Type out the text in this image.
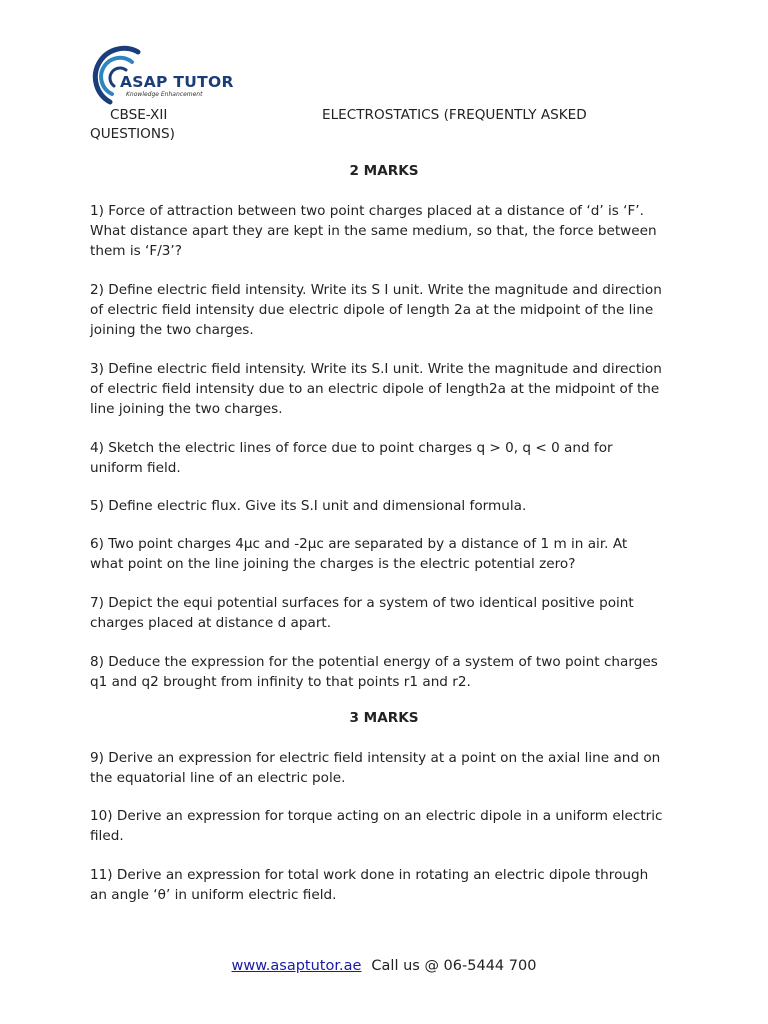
ASAP TUTOR
Knowledge Enhancement
CBSE-XII	ELECTROSTATICS (FREQUENTLY ASKED
QUESTIONS)
2 MARKS
1) Force of attraction between two point charges placed at a distance of ‘d’ is ‘F’.
What distance apart they are kept in the same medium, so that, the force between
them is ‘F/3’?
2) Define electric field intensity. Write its S I unit. Write the magnitude and direction
of electric field intensity due electric dipole of length 2a at the midpoint of the line
joining the two charges.
3) Define electric field intensity. Write its S.I unit. Write the magnitude and direction
of electric field intensity due to an electric dipole of length2a at the midpoint of the
line joining the two charges.
4) Sketch the electric lines of force due to point charges q > 0, q < 0 and for
uniform field.
5) Define electric flux. Give its S.I unit and dimensional formula.
6) Two point charges 4µc and -2µc are separated by a distance of 1 m in air. At
what point on the line joining the charges is the electric potential zero?
7) Depict the equi potential surfaces for a system of two identical positive point
charges placed at distance d apart.
8) Deduce the expression for the potential energy of a system of two point charges
q1 and q2 brought from infinity to that points r1 and r2.
3 MARKS
9) Derive an expression for electric field intensity at a point on the axial line and on
the equatorial line of an electric pole.
10) Derive an expression for torque acting on an electric dipole in a uniform electric
filed.
11) Derive an expression for total work done in rotating an electric dipole through
an angle ‘θ’ in uniform electric field.
www.asaptutor.ae Call us @ 06-5444 700
